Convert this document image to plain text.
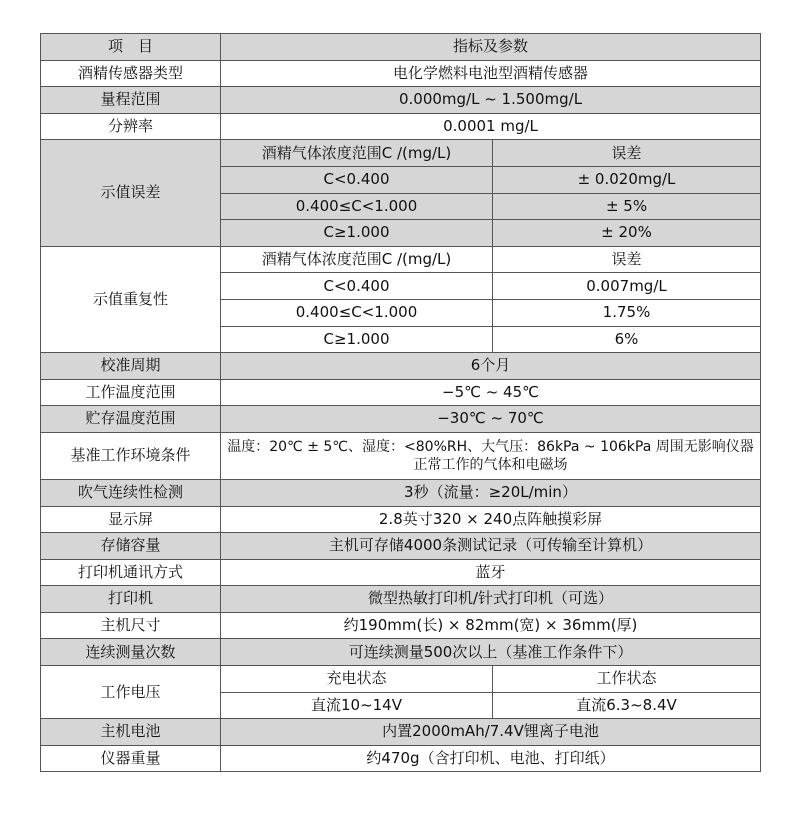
项　目	指标及参数	
酒精传感器类型	电化学燃料电池型酒精传感器	
量程范围	0.000mg/L ~ 1.500mg/L	
分辨率	0.0001 mg/L	
示值误差	酒精气体浓度范围C /(mg/L)	误差
	C<0.400	± 0.020mg/L
	0.400≤C<1.000	± 5%
	C≥1.000	± 20%
示值重复性	酒精气体浓度范围C /(mg/L)	误差
	C<0.400	0.007mg/L
	0.400≤C<1.000	1.75%
	C≥1.000	6%
校准周期	6个月	
工作温度范围	−5℃ ~ 45℃	
贮存温度范围	−30℃ ~ 70℃	
基准工作环境条件	温度：20℃ ± 5℃、湿度：<80%RH、大气压：86kPa ~ 106kPa 周围无影响仪器正常工作的气体和电磁场	
吹气连续性检测	3秒（流量：≥20L/min）	
显示屏	2.8英寸320 × 240点阵触摸彩屏	
存储容量	主机可存储4000条测试记录（可传输至计算机）	
打印机通讯方式	蓝牙	
打印机	微型热敏打印机/针式打印机（可选）	
主机尺寸	约190mm(长) × 82mm(宽) × 36mm(厚)	
连续测量次数	可连续测量500次以上（基准工作条件下）	
工作电压	充电状态	工作状态
	直流10~14V	直流6.3~8.4V
主机电池	内置2000mAh/7.4V锂离子电池	
仪器重量	约470g（含打印机、电池、打印纸）	
